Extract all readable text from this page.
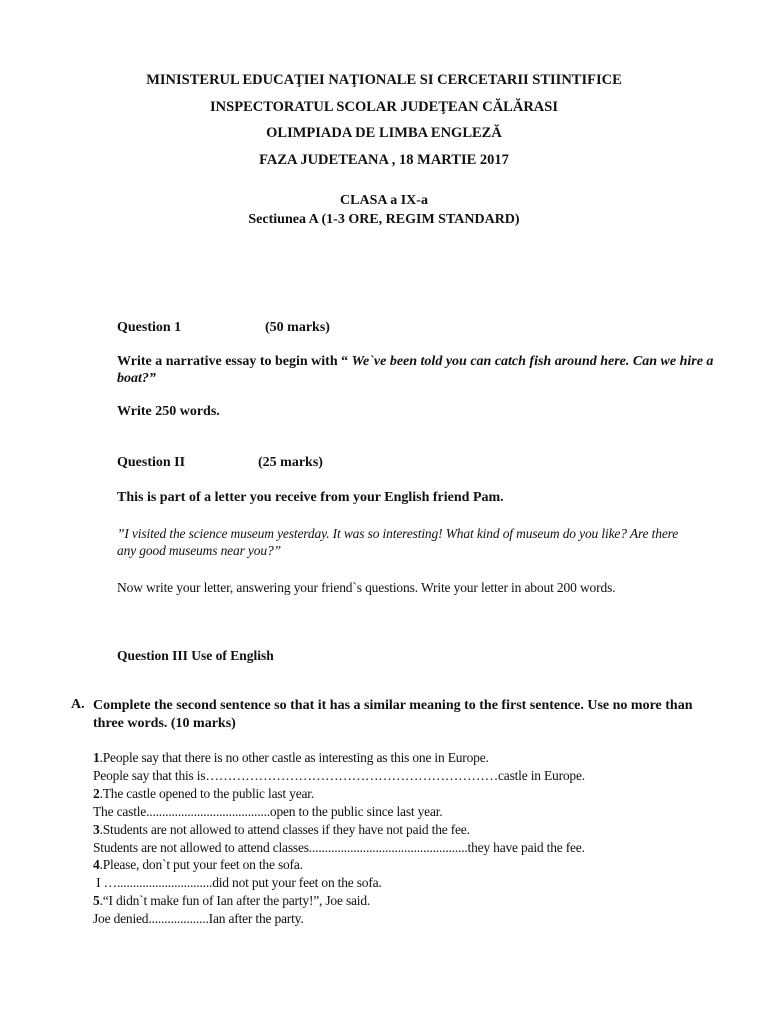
MINISTERUL EDUCAŢIEI NAŢIONALE SI CERCETARII STIINTIFICE
INSPECTORATUL SCOLAR JUDEŢEAN CĂLĂRASI
OLIMPIADA DE LIMBA ENGLEZĂ
FAZA JUDETEANA , 18 MARTIE 2017
CLASA a IX-a
Sectiunea A (1-3 ORE, REGIM STANDARD)
Question 1	(50 marks)
Write a narrative essay to begin with “ We`ve been told you can catch fish around here. Can we hire a boat?”
Write 250 words.
Question II	(25 marks)
This is part of a letter you receive from your English friend Pam.
”I visited the science museum yesterday. It was so interesting! What kind of museum do you like? Are there any good museums near you?”
Now write your letter, answering your friend`s questions. Write your letter in about 200 words.
Question III Use of English
A. Complete the second sentence so that it has a similar meaning to the first sentence. Use no more than three words. (10 marks)
1.People say that there is no other castle as interesting as this one in Europe.
People say that this is…………………………………………………………castle in Europe.
2.The castle opened to the public last year.
The castle.......................................open to the public since last year.
3.Students are not allowed to attend classes if they have not paid the fee.
Students are not allowed to attend classes..................................................they have paid the fee.
4.Please, don`t put your feet on the sofa.
I …..............................did not put your feet on the sofa.
5.“I didn`t make fun of Ian after the party!”, Joe said.
Joe denied...................Ian after the party.
